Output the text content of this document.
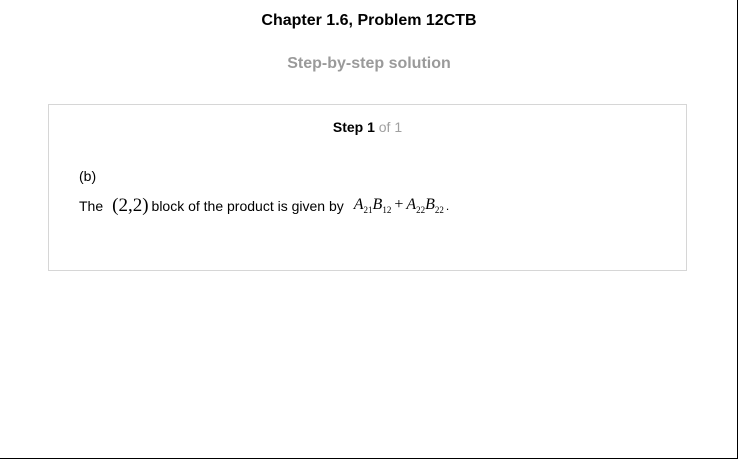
Chapter 1.6, Problem 12CTB
Step-by-step solution
Step 1 of 1
(b)
The (2,2) block of the product is given by $A_{21}B_{12} + A_{22}B_{22}$ .
